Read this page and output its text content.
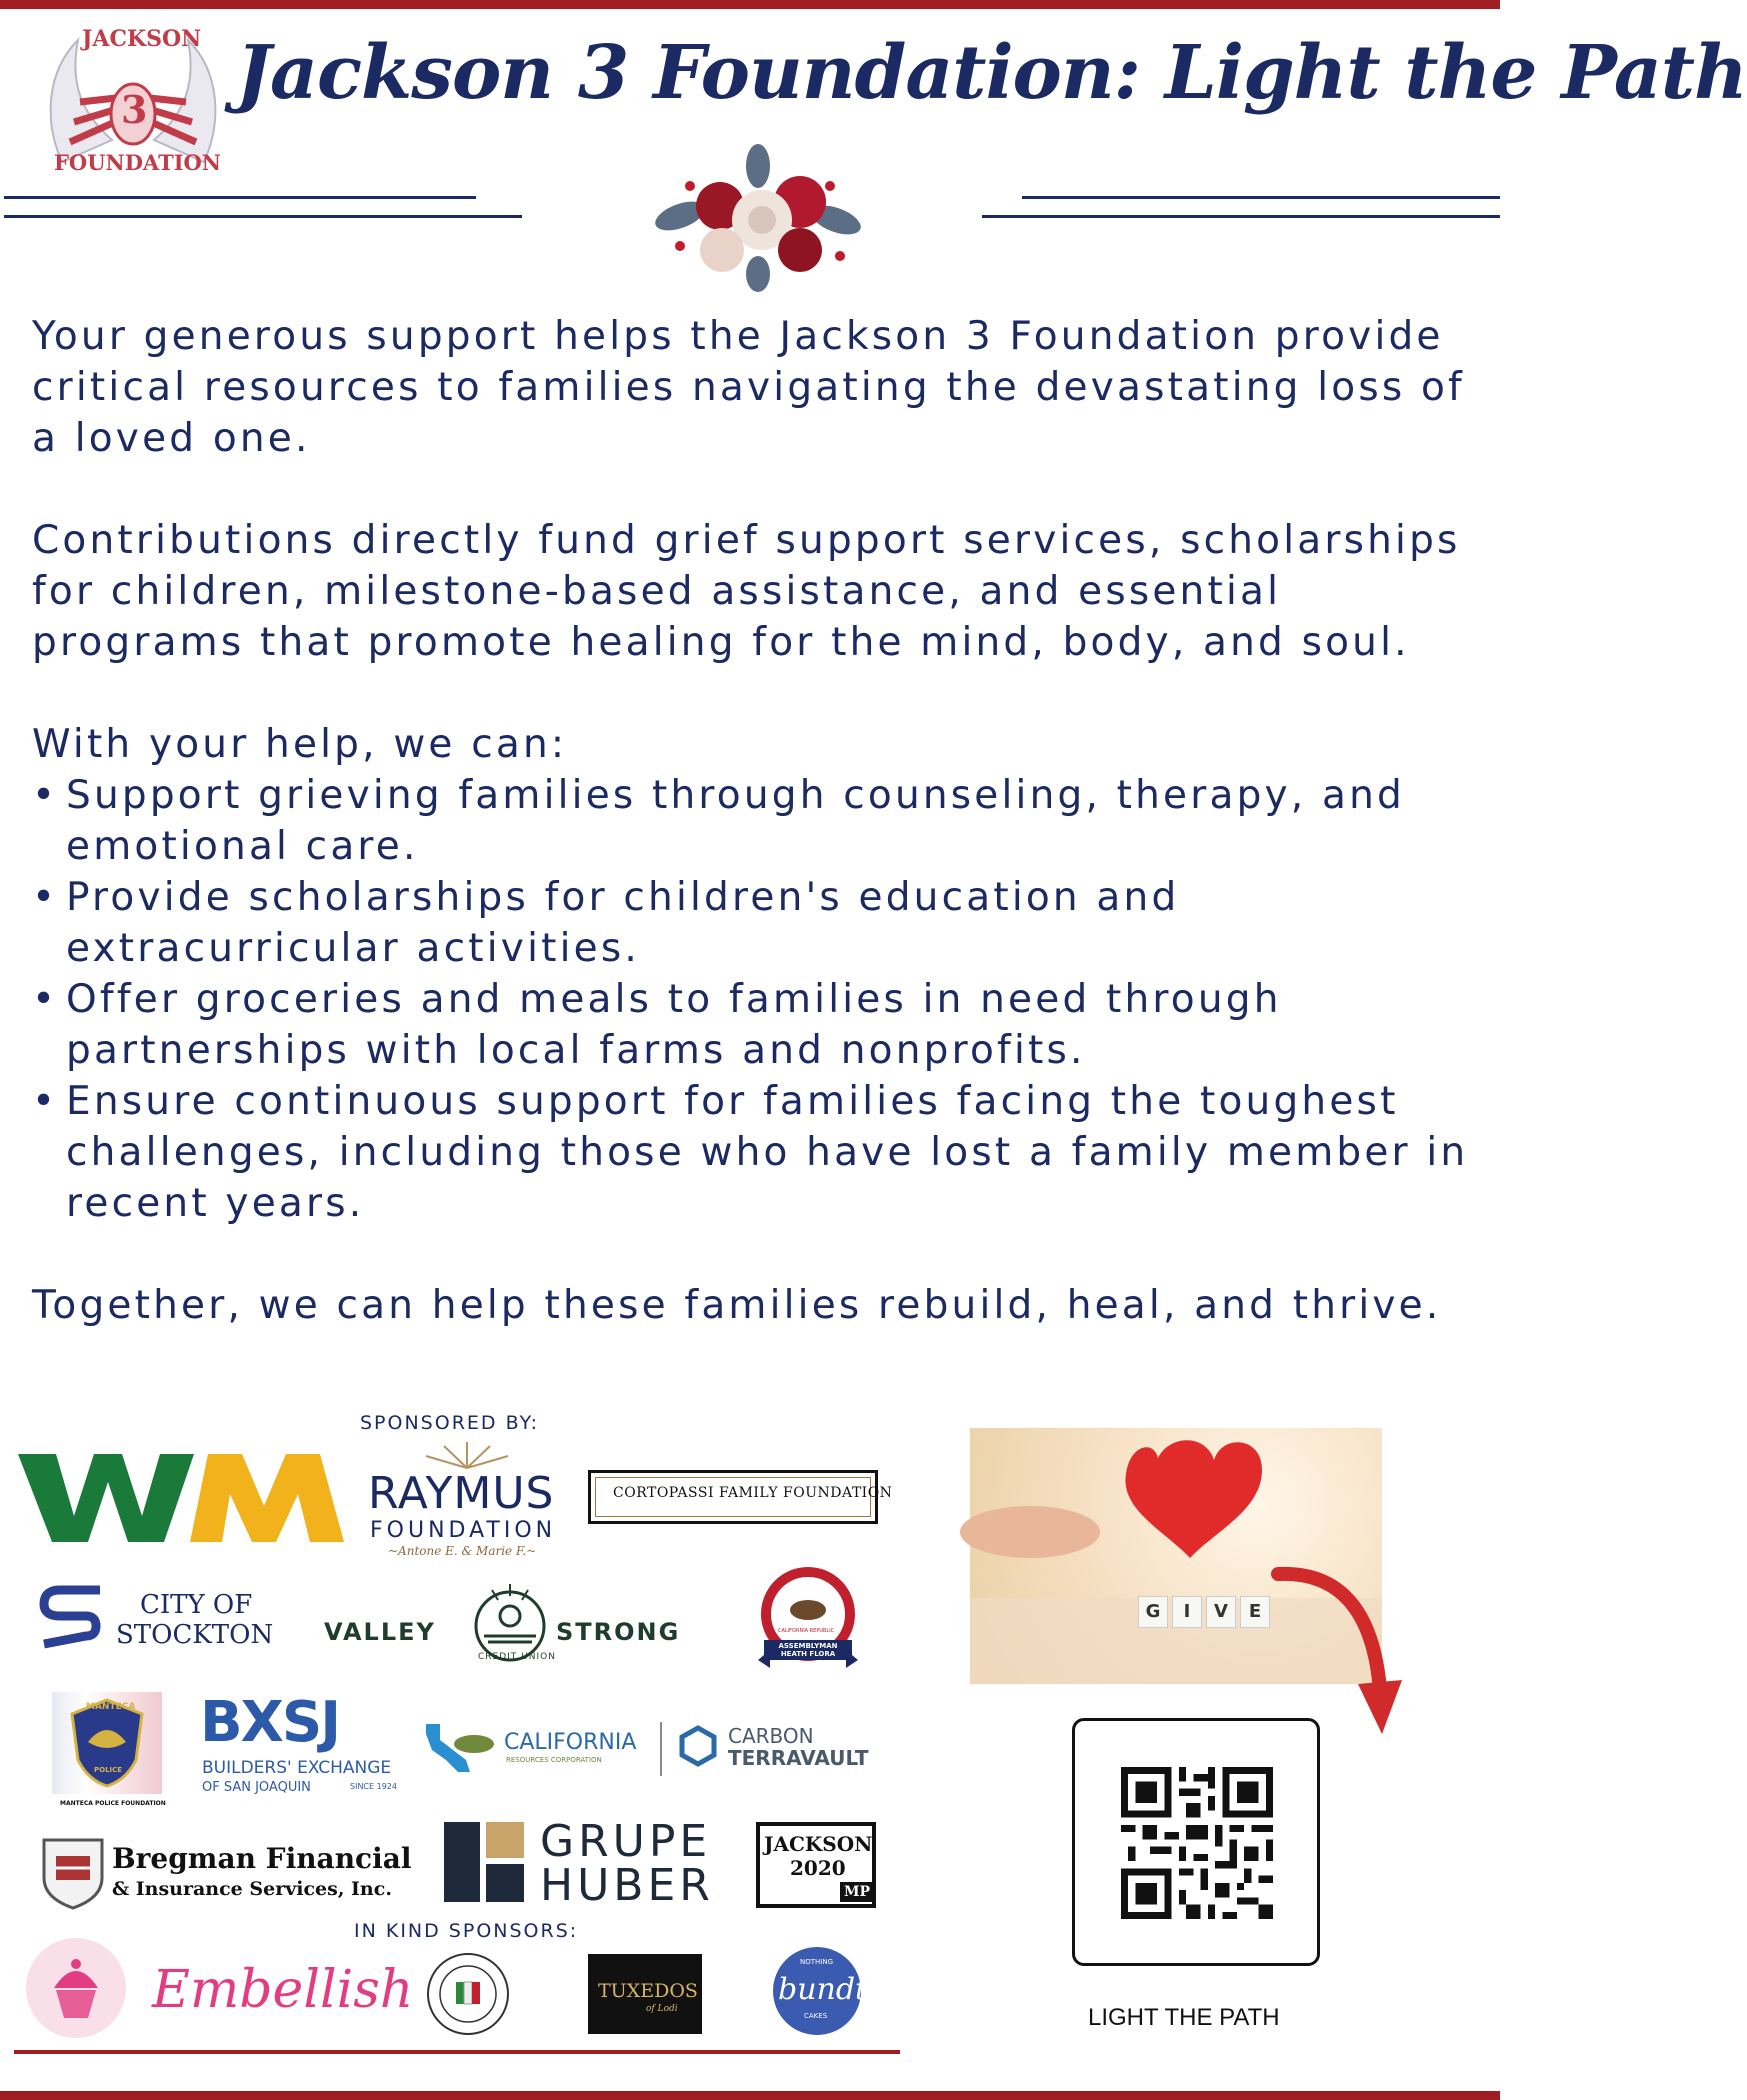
JACKSON
3
FOUNDATION
Jackson 3 Foundation: Light the Path

Your generous support helps the Jackson 3 Foundation provide critical resources to families navigating the devastating loss of a loved one.

Contributions directly fund grief support services, scholarships for children, milestone-based assistance, and essential programs that promote healing for the mind, body, and soul.

With your help, we can:

• Support grieving families through counseling, therapy, and emotional care.
• Provide scholarships for children's education and extracurricular activities.
• Offer groceries and meals to families in need through partnerships with local farms and nonprofits.
• Ensure continuous support for families facing the toughest challenges, including those who have lost a family member in recent years.

Together, we can help these families rebuild, heal, and thrive.

SPONSORED BY:
RAYMUS
FOUNDATION
~Antone E. & Marie F.~
CORTOPASSI FAMILY FOUNDATION
CITY OF
STOCKTON VALLEY
CREDIT UNION
STRONG	CALIFORNIA REPUBLIC
ASSEMBLYMAN HEATH FLORA
MANTECA
POLICE
MANTECA POLICE FOUNDATION
BXSJ
BUILDERS' EXCHANGE
OF SAN JOAQUIN	SINCE 1924
CALIFORNIA
RESOURCES CORPORATION
CARBON
TERRAVAULT
Bregman Financial
& Insurance Services, Inc.
GRUPE
HUBER
JACKSON
2020
MP
IN KIND SPONSORS:
Embellish	TUXEDOS
of Lodi
NOTHING
bundt
CAKES
G I V E
LIGHT THE PATH
